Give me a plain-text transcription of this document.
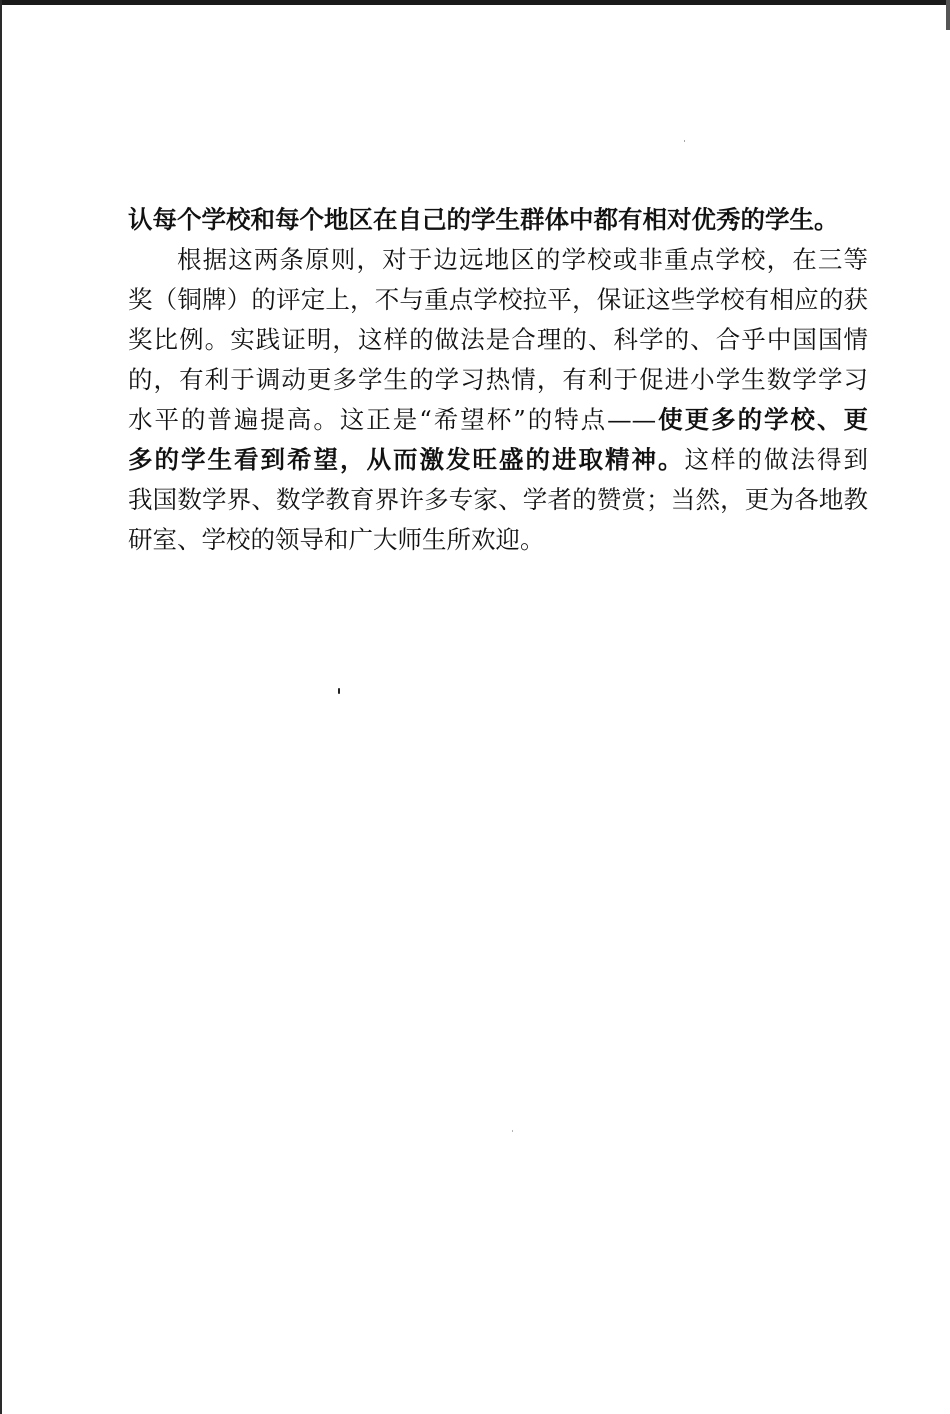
认每个学校和每个地区在自己的学生群体中都有相对优秀的学生。
根据这两条原则，对于边远地区的学校或非重点学校，在三等
奖（铜牌）的评定上，不与重点学校拉平，保证这些学校有相应的获
奖比例。实践证明，这样的做法是合理的、科学的、合乎中国国情
的，有利于调动更多学生的学习热情，有利于促进小学生数学学习
水平的普遍提高。这正是“希望杯”的特点——使更多的学校、更
多的学生看到希望，从而激发旺盛的进取精神。这样的做法得到
我国数学界、数学教育界许多专家、学者的赞赏；当然，更为各地教
研室、学校的领导和广大师生所欢迎。
